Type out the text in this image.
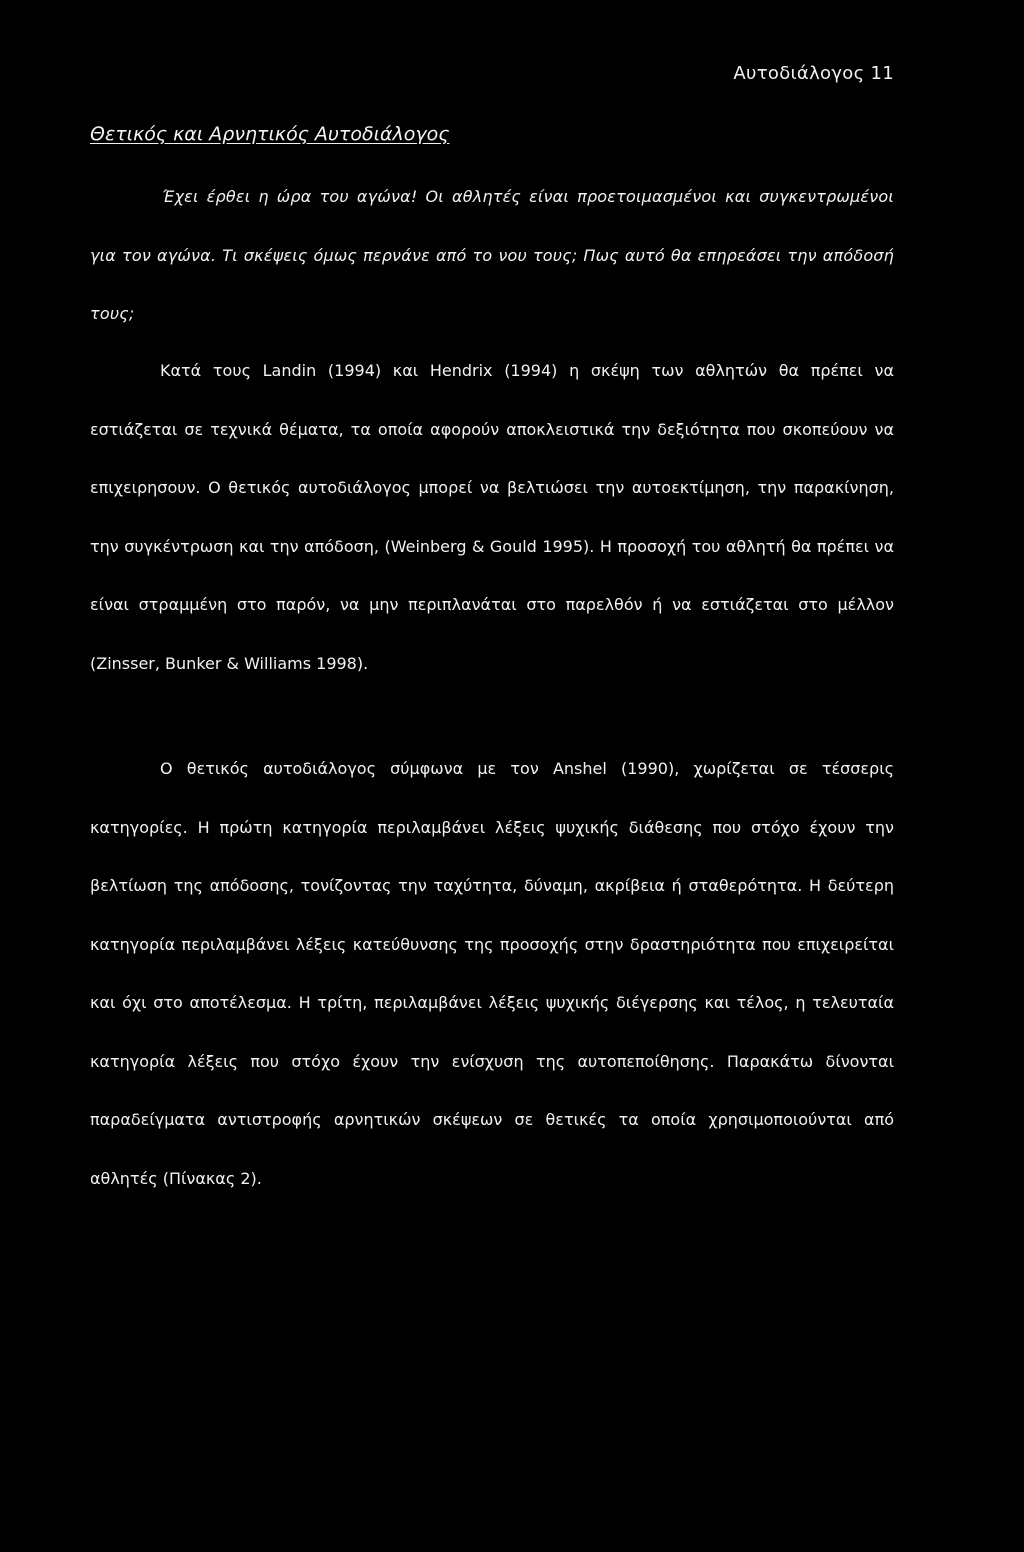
Αυτοδιάλογος 11
Θετικός και Αρνητικός Αυτοδιάλογος

Έχει έρθει η ώρα του αγώνα! Οι αθλητές είναι προετοιμασμένοι και συγκεντρωμένοι για τον αγώνα. Τι σκέψεις όμως περνάνε από το νου τους; Πως αυτό θα επηρεάσει την απόδοσή τους;

Κατά τους Landin (1994) και Hendrix (1994) η σκέψη των αθλητών θα πρέπει να εστιάζεται σε τεχνικά θέματα, τα οποία αφορούν αποκλειστικά την δεξιότητα που σκοπεύουν να επιχειρησουν. Ο θετικός αυτοδιάλογος μπορεί να βελτιώσει την αυτοεκτίμηση, την παρακίνηση, την συγκέντρωση και την απόδοση, (Weinberg & Gould 1995). Η προσοχή του αθλητή θα πρέπει να είναι στραμμένη στο παρόν, να μην περιπλανάται στο παρελθόν ή να εστιάζεται στο μέλλον (Zinsser, Bunker & Williams 1998).

Ο θετικός αυτοδιάλογος σύμφωνα με τον Anshel (1990), χωρίζεται σε τέσσερις κατηγορίες. Η πρώτη κατηγορία περιλαμβάνει λέξεις ψυχικής διάθεσης που στόχο έχουν την βελτίωση της απόδοσης, τονίζοντας την ταχύτητα, δύναμη, ακρίβεια ή σταθερότητα. Η δεύτερη κατηγορία περιλαμβάνει λέξεις κατεύθυνσης της προσοχής στην δραστηριότητα που επιχειρείται και όχι στο αποτέλεσμα. Η τρίτη, περιλαμβάνει λέξεις ψυχικής διέγερσης και τέλος, η τελευταία κατηγορία λέξεις που στόχο έχουν την ενίσχυση της αυτοπεποίθησης. Παρακάτω δίνονται παραδείγματα αντιστροφής αρνητικών σκέψεων σε θετικές τα οποία χρησιμοποιούνται από αθλητές (Πίνακας 2).
